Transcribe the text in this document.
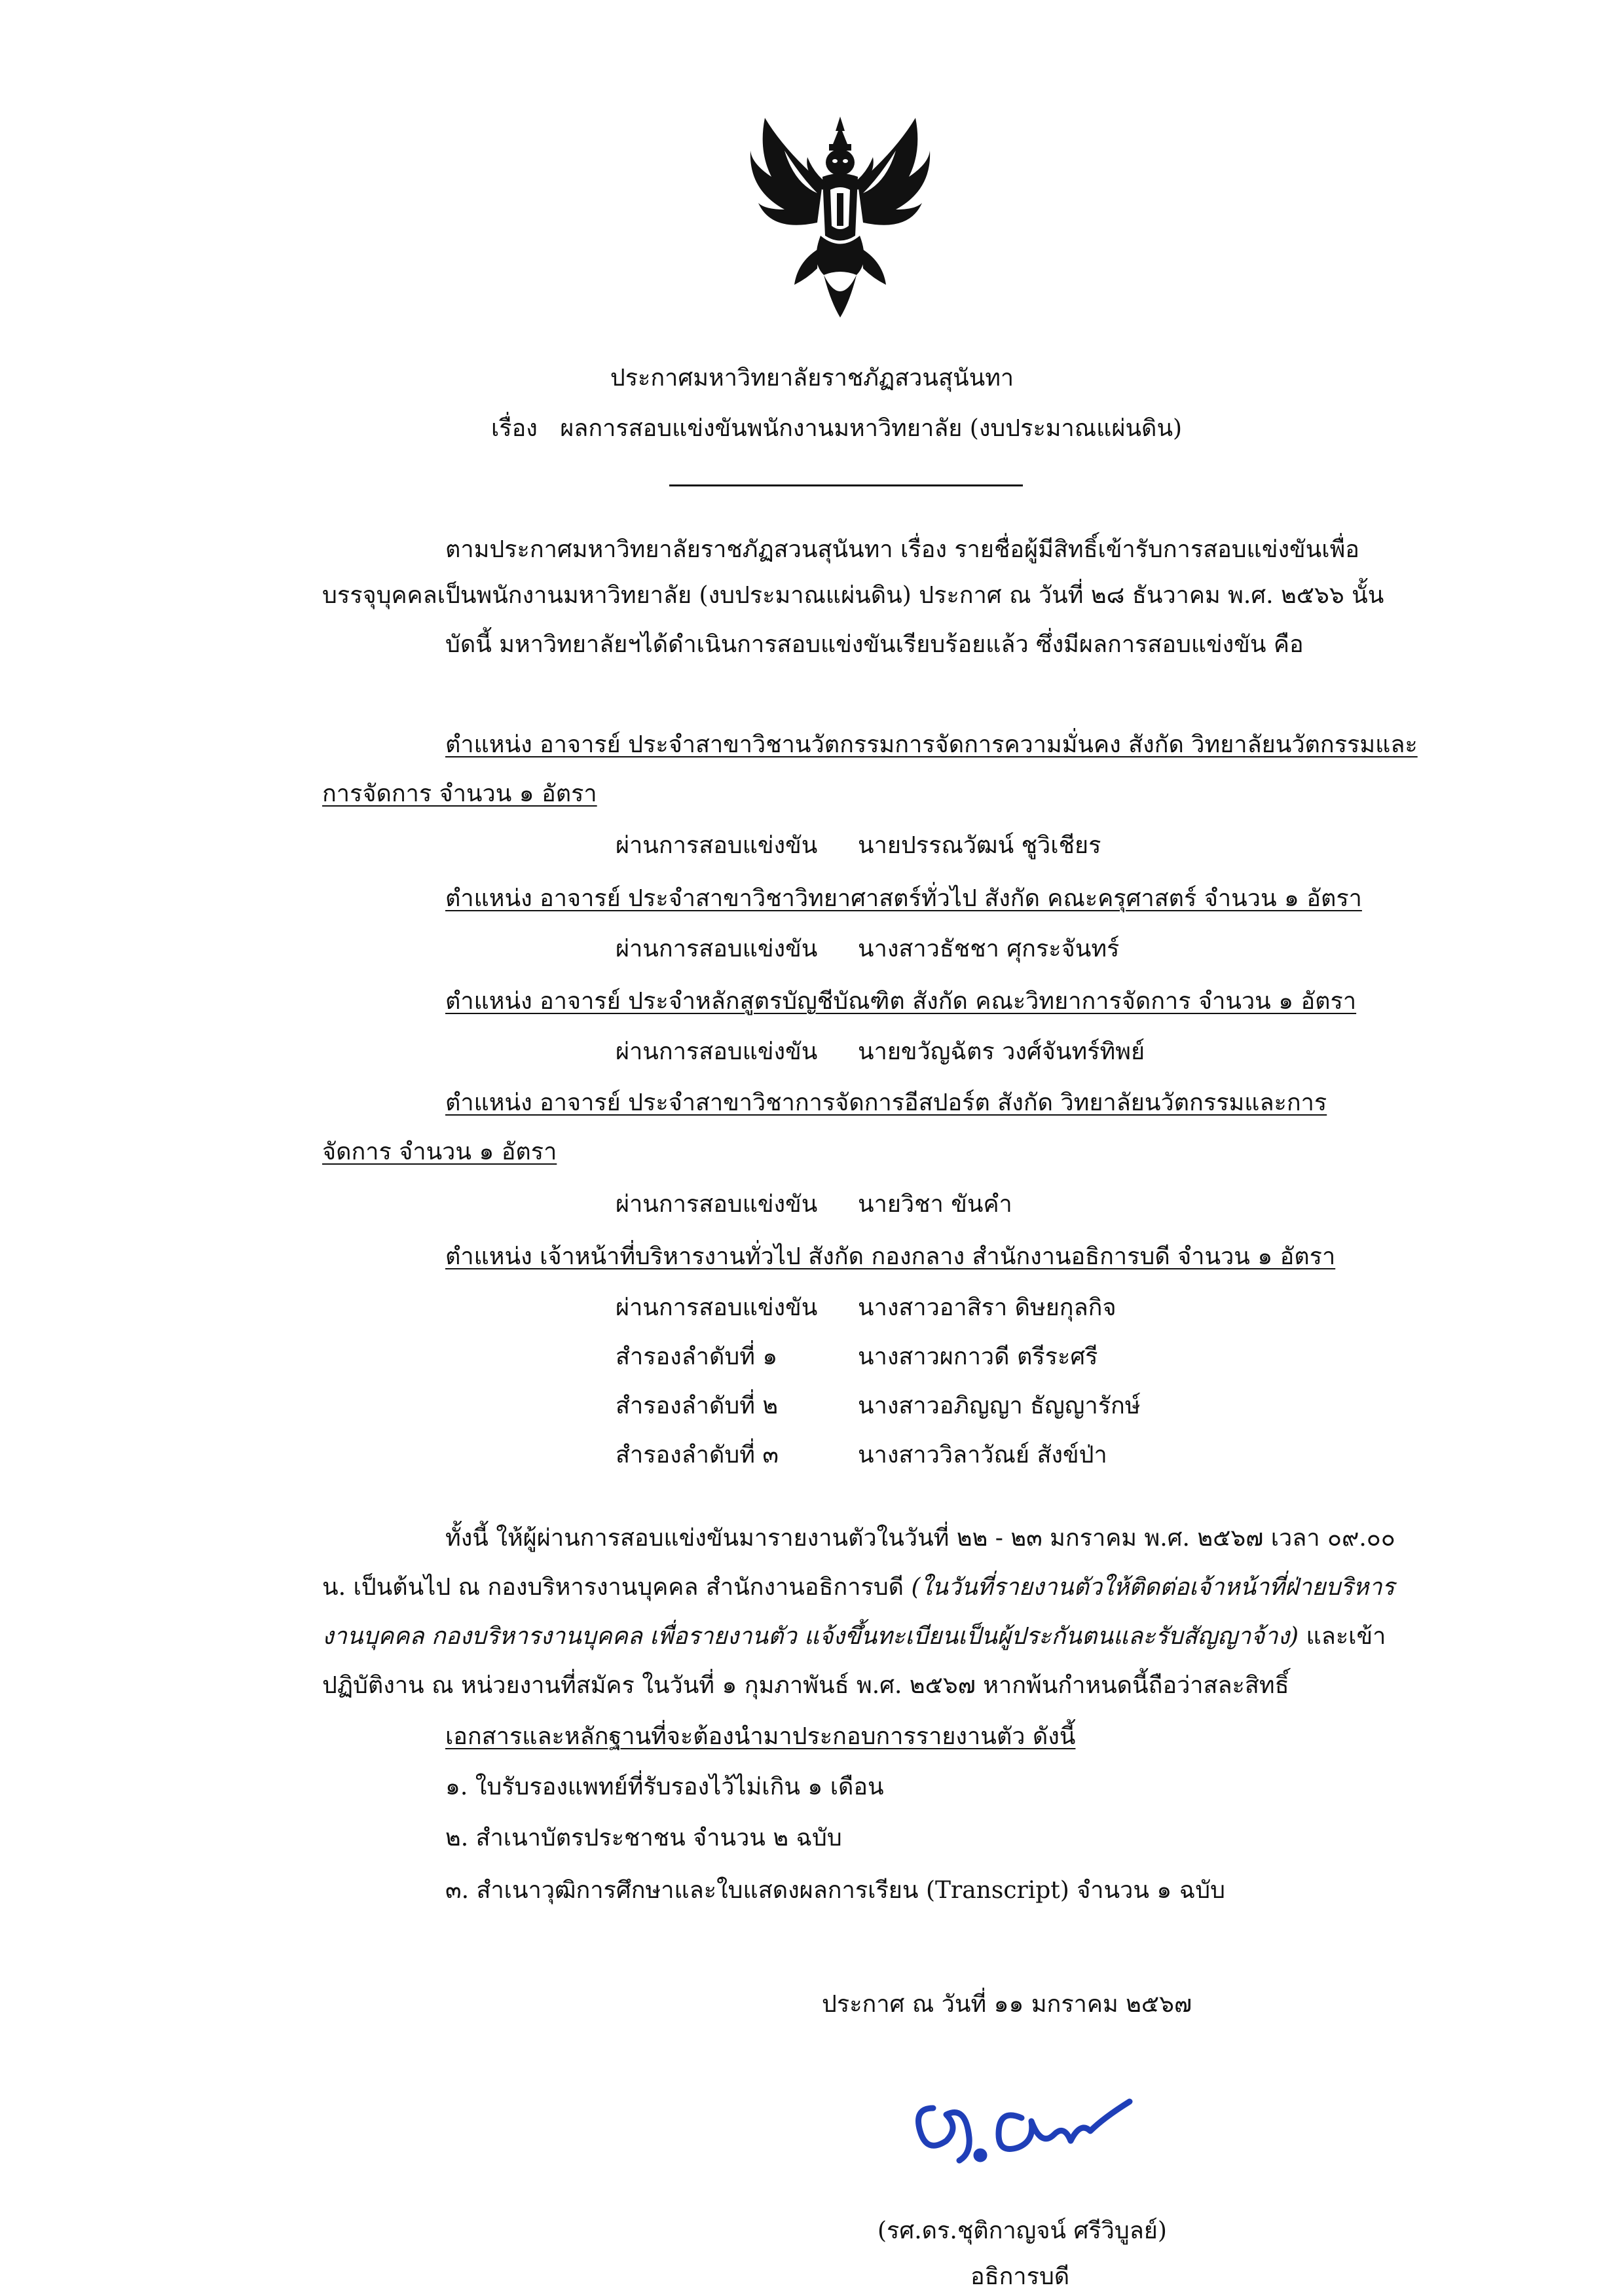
ประกาศมหาวิทยาลัยราชภัฏสวนสุนันทา
เรื่อง ผลการสอบแข่งขันพนักงานมหาวิทยาลัย (งบประมาณแผ่นดิน)
ตามประกาศมหาวิทยาลัยราชภัฏสวนสุนันทา เรื่อง รายชื่อผู้มีสิทธิ์เข้ารับการสอบแข่งขันเพื่อ
บรรจุบุคคลเป็นพนักงานมหาวิทยาลัย (งบประมาณแผ่นดิน) ประกาศ ณ วันที่ ๒๘ ธันวาคม พ.ศ. ๒๕๖๖ นั้น
บัดนี้ มหาวิทยาลัยฯได้ดำเนินการสอบแข่งขันเรียบร้อยแล้ว ซึ่งมีผลการสอบแข่งขัน คือ
ตำแหน่ง อาจารย์ ประจำสาขาวิชานวัตกรรมการจัดการความมั่นคง สังกัด วิทยาลัยนวัตกรรมและ
การจัดการ จำนวน ๑ อัตรา
ผ่านการสอบแข่งขัน นายปรรณวัฒน์ ชูวิเชียร
ตำแหน่ง อาจารย์ ประจำสาขาวิชาวิทยาศาสตร์ทั่วไป สังกัด คณะครุศาสตร์ จำนวน ๑ อัตรา
ผ่านการสอบแข่งขัน นางสาวธัชชา ศุกระจันทร์
ตำแหน่ง อาจารย์ ประจำหลักสูตรบัญชีบัณฑิต สังกัด คณะวิทยาการจัดการ จำนวน ๑ อัตรา
ผ่านการสอบแข่งขัน นายขวัญฉัตร วงศ์จันทร์ทิพย์
ตำแหน่ง อาจารย์ ประจำสาขาวิชาการจัดการอีสปอร์ต สังกัด วิทยาลัยนวัตกรรมและการ
จัดการ จำนวน ๑ อัตรา
ผ่านการสอบแข่งขัน นายวิชา ขันคำ
ตำแหน่ง เจ้าหน้าที่บริหารงานทั่วไป สังกัด กองกลาง สำนักงานอธิการบดี จำนวน ๑ อัตรา
ผ่านการสอบแข่งขัน นางสาวอาสิรา ดิษยกุลกิจ
สำรองลำดับที่ ๑	นางสาวผกาวดี ตรีระศรี
สำรองลำดับที่ ๒	นางสาวอภิญญา ธัญญารักษ์
สำรองลำดับที่ ๓	นางสาววิลาวัณย์ สังข์ป่า
ทั้งนี้ ให้ผู้ผ่านการสอบแข่งขันมารายงานตัวในวันที่ ๒๒ - ๒๓ มกราคม พ.ศ. ๒๕๖๗ เวลา ๐๙.๐๐
น. เป็นต้นไป ณ กองบริหารงานบุคคล สำนักงานอธิการบดี (ในวันที่รายงานตัวให้ติดต่อเจ้าหน้าที่ฝ่ายบริหาร
งานบุคคล กองบริหารงานบุคคล เพื่อรายงานตัว แจ้งขึ้นทะเบียนเป็นผู้ประกันตนและรับสัญญาจ้าง) และเข้า
ปฏิบัติงาน ณ หน่วยงานที่สมัคร ในวันที่ ๑ กุมภาพันธ์ พ.ศ. ๒๕๖๗ หากพ้นกำหนดนี้ถือว่าสละสิทธิ์
เอกสารและหลักฐานที่จะต้องนำมาประกอบการรายงานตัว ดังนี้
๑. ใบรับรองแพทย์ที่รับรองไว้ไม่เกิน ๑ เดือน
๒. สำเนาบัตรประชาชน จำนวน ๒ ฉบับ
๓. สำเนาวุฒิการศึกษาและใบแสดงผลการเรียน (Transcript) จำนวน ๑ ฉบับ
ประกาศ ณ วันที่ ๑๑ มกราคม ๒๕๖๗
(รศ.ดร.ชุติกาญจน์ ศรีวิบูลย์)
อธิการบดี
